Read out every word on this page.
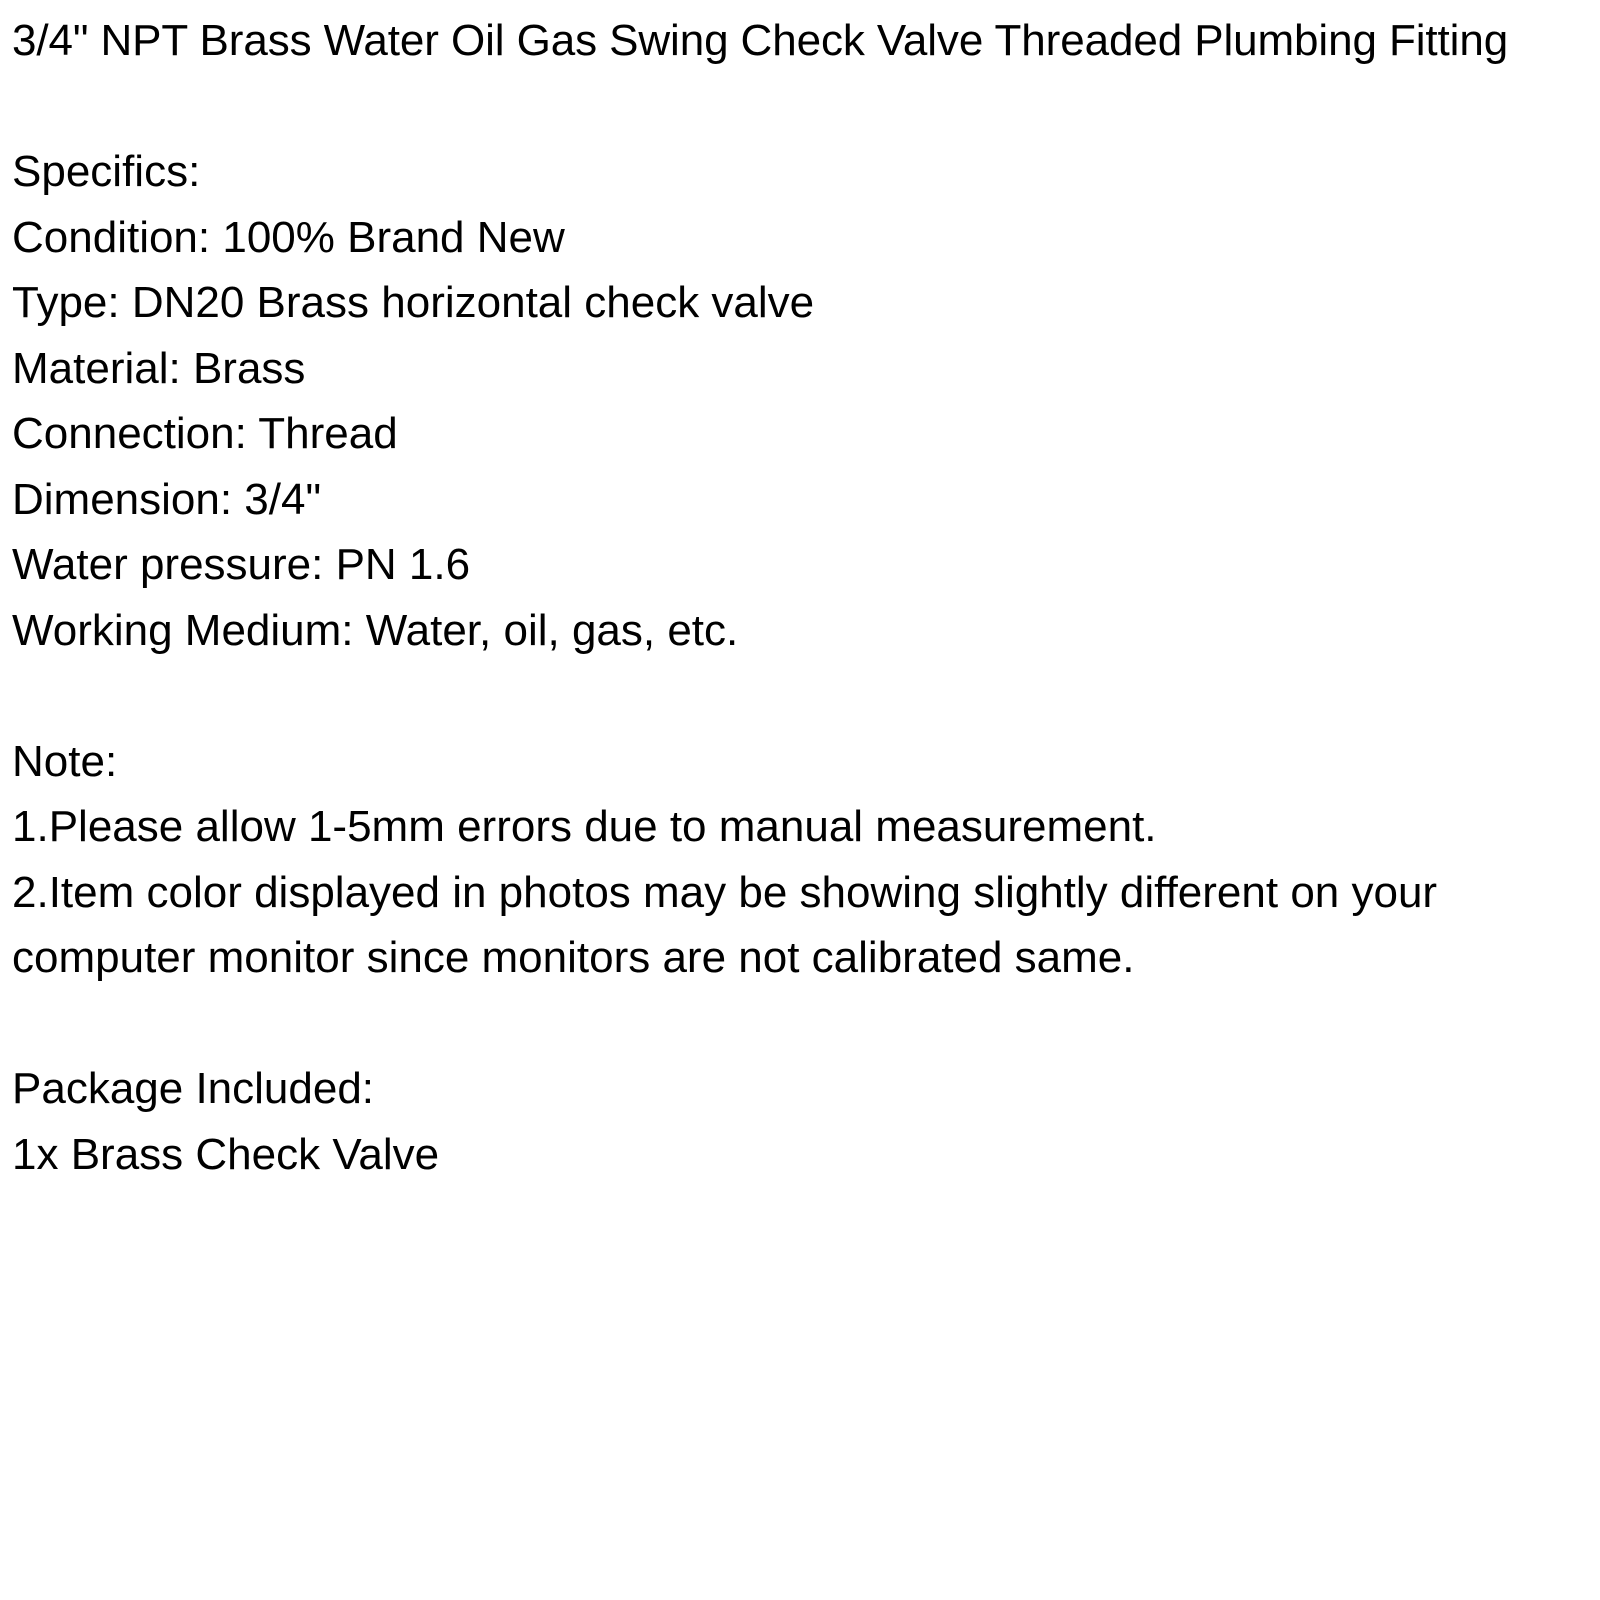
3/4" NPT Brass Water Oil Gas Swing Check Valve Threaded Plumbing Fitting
Specifics:
Condition: 100% Brand New
Type: DN20 Brass horizontal check valve
Material: Brass
Connection: Thread
Dimension: 3/4"
Water pressure: PN 1.6
Working Medium: Water, oil, gas, etc.
Note:
1.Please allow 1-5mm errors due to manual measurement.
2.Item color displayed in photos may be showing slightly different on your
computer monitor since monitors are not calibrated same.
Package Included:
1x Brass Check Valve
